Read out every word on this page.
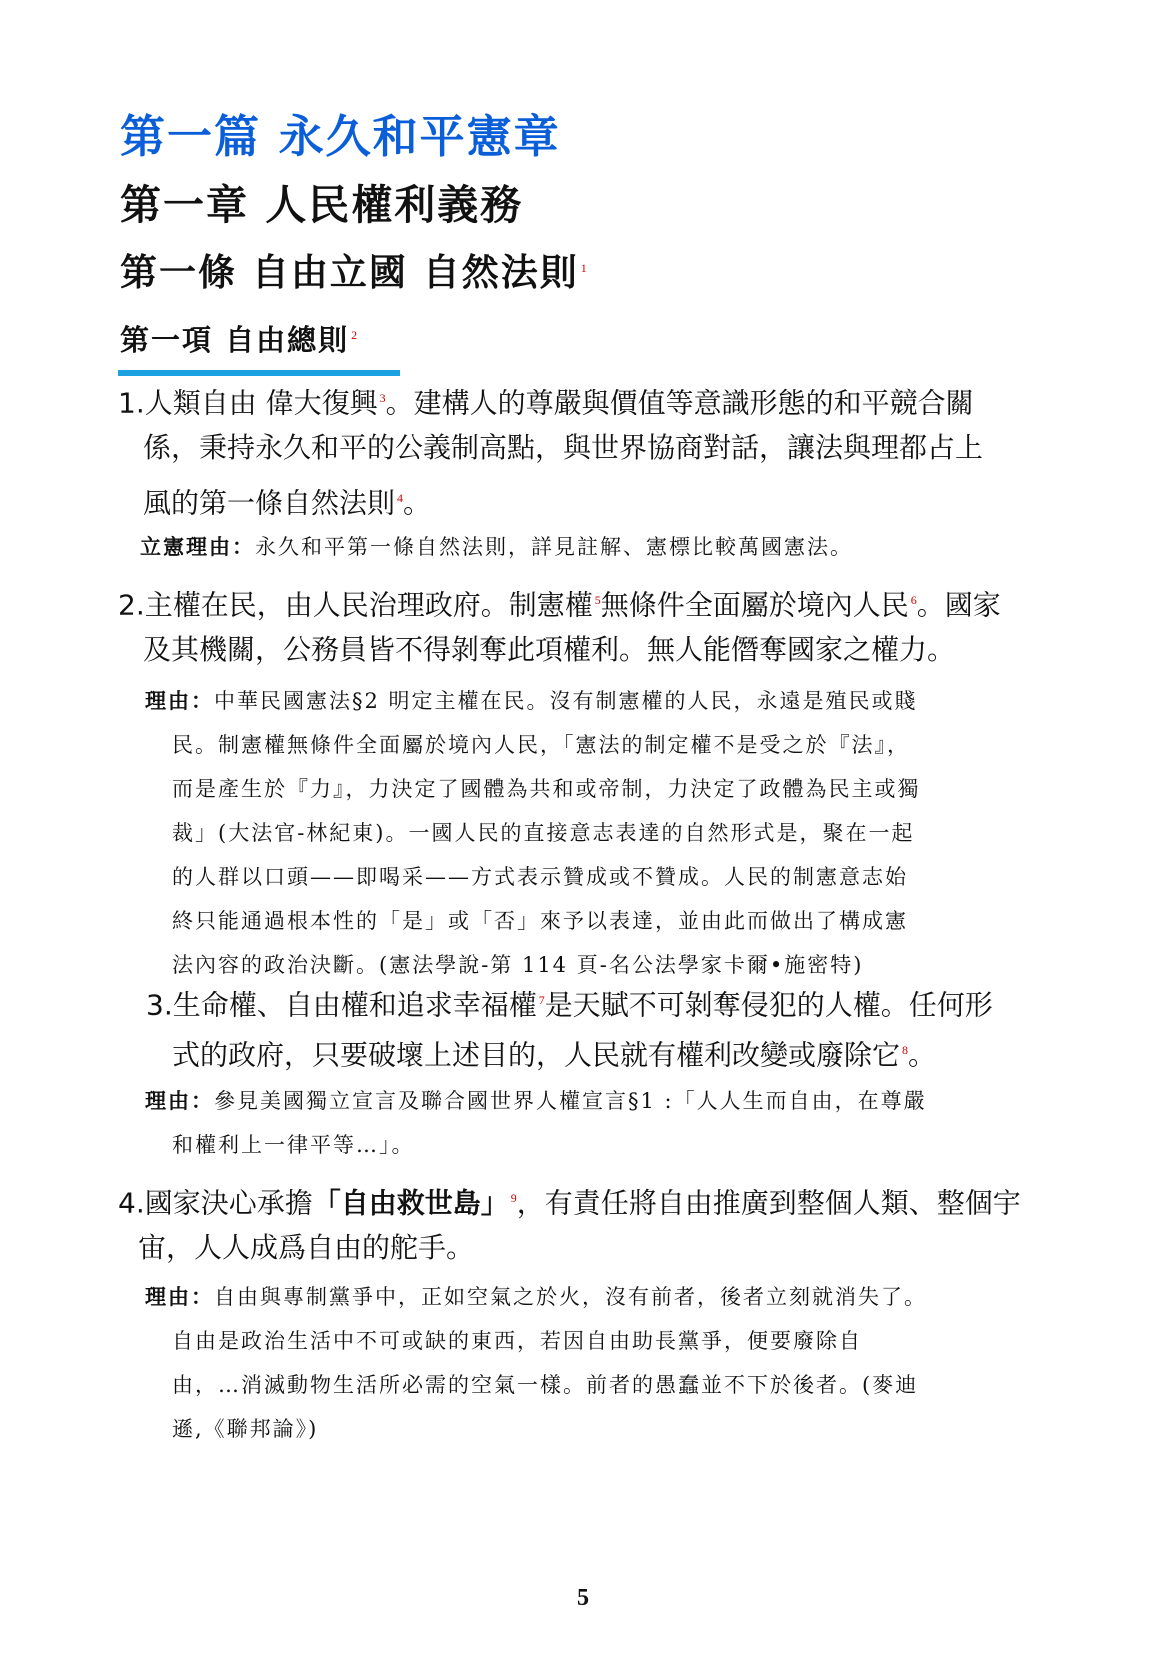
第一篇 永久和平憲章
第一章 人民權利義務
第一條 自由立國 自然法則 $^1$
第一項 自由總則 $^2$
1.人類自由 偉大復興 $^3$。建構人的尊嚴與價值等意識形態的和平競合關
係，秉持永久和平的公義制高點，與世界協商對話，讓法與理都占上
風的第一條自然法則 $^4$。
立憲理由：永久和平第一條自然法則，詳見註解、憲標比較萬國憲法。
2.主權在民，由人民治理政府。制憲權 $^5$無條件全面屬於境內人民 $^6$。國家
及其機關，公務員皆不得剝奪此項權利。無人能僭奪國家之權力。
理由：中華民國憲法§2 明定主權在民。沒有制憲權的人民，永遠是殖民或賤
民。制憲權無條件全面屬於境內人民，「憲法的制定權不是受之於『法』，
而是產生於『力』，力決定了國體為共和或帝制，力決定了政體為民主或獨
裁」(大法官-林紀東)。一國人民的直接意志表達的自然形式是，聚在一起
的人群以口頭——即喝采——方式表示贊成或不贊成。人民的制憲意志始
終只能通過根本性的「是」或「否」來予以表達，並由此而做出了構成憲
法內容的政治決斷。(憲法學說-第 114 頁-名公法學家卡爾•施密特)
3.生命權、自由權和追求幸福權 $^7$是天賦不可剝奪侵犯的人權。任何形
式的政府，只要破壞上述目的，人民就有權利改變或廢除它 $^8$。
理由：參見美國獨立宣言及聯合國世界人權宣言§1 :「人人生而自由，在尊嚴
和權利上一律平等…」。
4.國家決心承擔「自由救世島」 $^9$，有責任將自由推廣到整個人類、整個宇
宙，人人成爲自由的舵手。
理由：自由與專制黨爭中，正如空氣之於火，沒有前者，後者立刻就消失了。
自由是政治生活中不可或缺的東西，若因自由助長黨爭，便要廢除自
由，…消滅動物生活所必需的空氣一樣。前者的愚蠢並不下於後者。(麥迪
遜,《聯邦論》)
5
